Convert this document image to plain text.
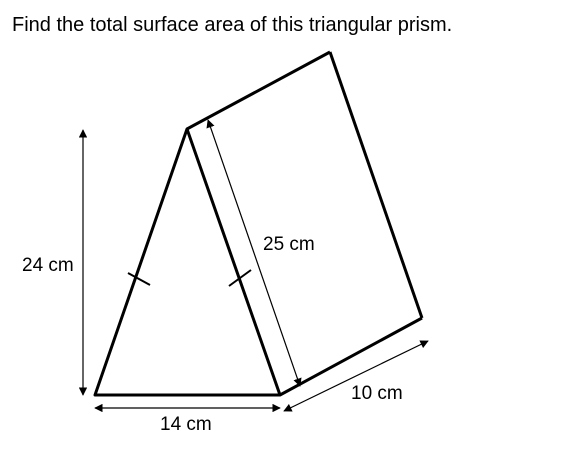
Find the total surface area of this triangular prism.
24 cm
25 cm
14 cm
10 cm
